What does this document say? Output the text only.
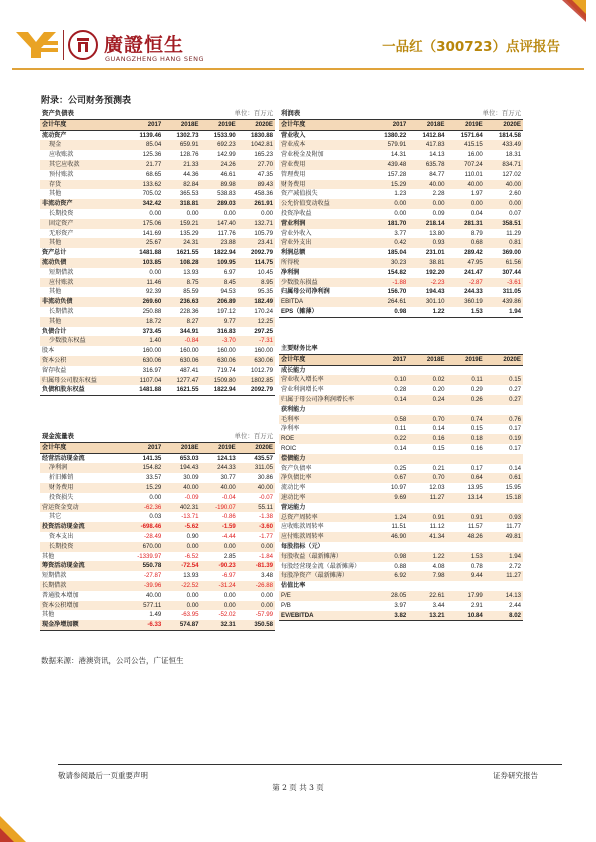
廣證恒生
GUANGZHENG HANG SENG
一品红（300723）点评报告
附录：公司财务预测表
资产负债表			单位：百万元	
会计年度	2017	2018E	2019E	2020E
流动资产	1139.46	1302.73	1533.90	1830.88
现金	85.04	659.91	692.23	1042.81
应收账款	125.36	128.76	142.99	165.23
其它应收款	21.77	21.33	24.26	27.70
预付账款	68.65	44.36	46.61	47.35
存货	133.62	82.84	89.98	89.43
其他	705.02	365.53	538.83	458.36
非流动资产	342.42	318.81	289.03	261.91
长期投资	0.00	0.00	0.00	0.00
固定资产	175.06	159.21	147.40	132.71
无形资产	141.69	135.29	117.76	105.79
其他	25.67	24.31	23.88	23.41
资产总计	1481.88	1621.55	1822.94	2092.79
流动负债	103.85	108.28	109.95	114.75
短期借款	0.00	13.93	6.97	10.45
应付账款	11.46	8.75	8.45	8.95
其他	92.39	85.59	94.53	95.35
非流动负债	269.60	236.63	206.89	182.49
长期借款	250.88	228.36	197.12	170.24
其他	18.72	8.27	9.77	12.25
负债合计	373.45	344.91	316.83	297.25
少数股东权益	1.40	-0.84	-3.70	-7.31
股本	160.00	160.00	160.00	160.00
资本公积	630.06	630.06	630.06	630.06
留存收益	316.97	487.41	719.74	1012.79
归属母公司股东权益	1107.04	1277.47	1509.80	1802.85
负债和股东权益	1481.88	1621.55	1822.94	2092.79
利润表			单位：百万元	
会计年度	2017	2018E	2019E	2020E
营业收入	1380.22	1412.84	1571.64	1814.58
营业成本	579.91	417.83	415.15	433.49
营业税金及附加	14.31	14.13	16.00	18.31
营业费用	439.48	635.78	707.24	834.71
管理费用	157.28	84.77	110.01	127.02
财务费用	15.29	40.00	40.00	40.00
资产减值损失	1.23	2.28	1.97	2.60
公允价值变动收益	0.00	0.00	0.00	0.00
投资净收益	0.00	0.09	0.04	0.07
营业利润	181.70	218.14	281.31	358.51
营业外收入	3.77	13.80	8.79	11.29
营业外支出	0.42	0.93	0.68	0.81
利润总额	185.04	231.01	289.42	369.00
所得税	30.23	38.81	47.95	61.56
净利润	154.82	192.20	241.47	307.44
少数股东损益	-1.88	-2.23	-2.87	-3.61
归属母公司净利润	156.70	194.43	244.33	311.05
EBITDA	264.61	301.10	360.19	439.86
EPS（摊薄）	0.98	1.22	1.53	1.94
主要财务比率				
会计年度	2017	2018E	2019E	2020E
成长能力				
营业收入增长率	0.10	0.02	0.11	0.15
营业利润增长率	0.28	0.20	0.29	0.27
归属于母公司净利润增长率	0.14	0.24	0.26	0.27
获利能力				
毛利率	0.58	0.70	0.74	0.76
净利率	0.11	0.14	0.15	0.17
ROE	0.22	0.16	0.18	0.19
ROIC	0.14	0.15	0.16	0.17
偿债能力				
资产负债率	0.25	0.21	0.17	0.14
净负债比率	0.67	0.70	0.64	0.61
流动比率	10.97	12.03	13.95	15.95
速动比率	9.69	11.27	13.14	15.18
营运能力				
总资产周转率	1.24	0.91	0.91	0.93
应收账款周转率	11.51	11.12	11.57	11.77
应付账款周转率	46.90	41.34	48.26	49.81
每股指标（元）				
每股收益（最新摊薄）	0.98	1.22	1.53	1.94
每股经营现金流（最新摊薄）	0.88	4.08	0.78	2.72
每股净资产（最新摊薄）	6.92	7.98	9.44	11.27
估值比率				
P/E	28.05	22.61	17.99	14.13
P/B	3.97	3.44	2.91	2.44
EV/EBITDA	3.82	13.21	10.84	8.02
现金流量表			单位：百万元	
会计年度	2017	2018E	2019E	2020E
经营活动现金流	141.35	653.03	124.13	435.57
净利润	154.82	194.43	244.33	311.05
折旧摊销	33.57	30.09	30.77	30.86
财务费用	15.29	40.00	40.00	40.00
投资损失	0.00	-0.09	-0.04	-0.07
营运资金变动	-62.36	402.31	-190.07	55.11
其它	0.03	-13.71	-0.86	-1.38
投资活动现金流	-698.46	-5.62	-1.59	-3.60
资本支出	-28.49	0.90	-4.44	-1.77
长期投资	670.00	0.00	0.00	0.00
其他	-1339.97	-6.52	2.85	-1.84
筹资活动现金流	550.78	-72.54	-90.23	-81.39
短期借款	-27.87	13.93	-6.97	3.48
长期借款	-39.96	-22.52	-31.24	-26.88
普通股本增加	40.00	0.00	0.00	0.00
资本公积增加	577.11	0.00	0.00	0.00
其他	1.49	-63.95	-52.02	-57.99
现金净增加额	-6.33	574.87	32.31	350.58
数据来源：港澳资讯，公司公告，广证恒生
敬请参阅最后一页重要声明	证券研究报告
第 2 页 共 3 页
